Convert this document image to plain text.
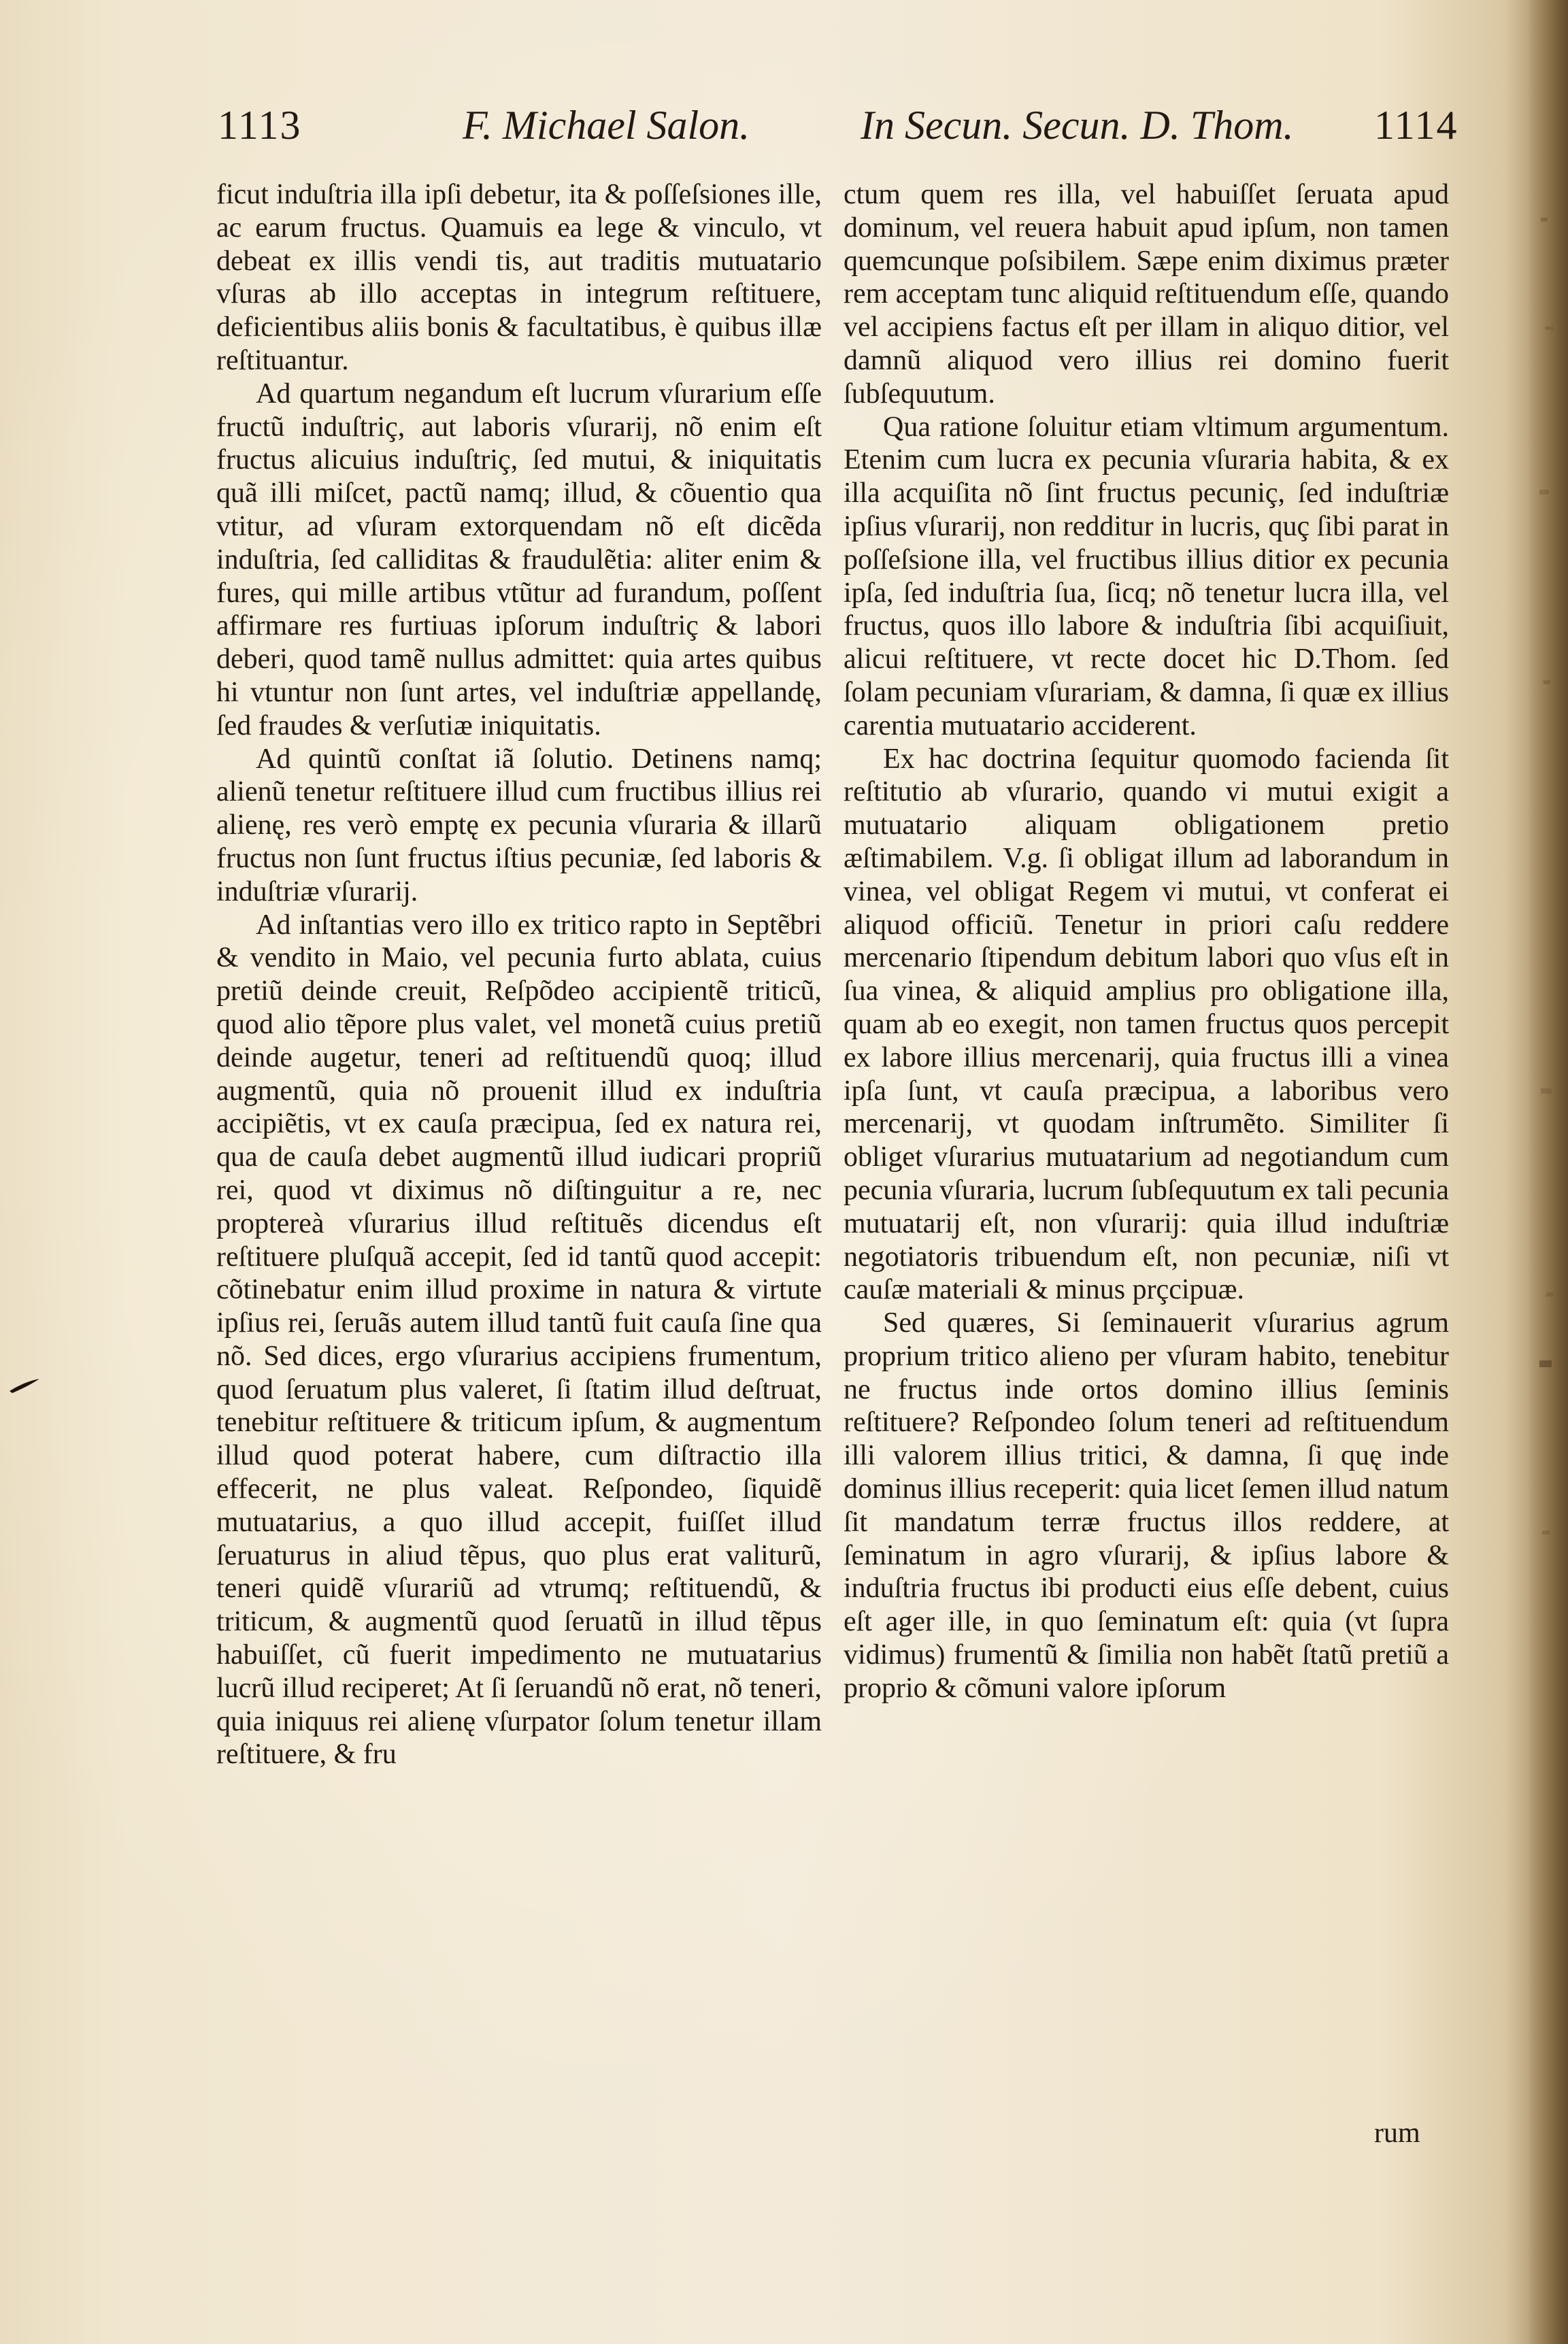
1113	F. Michael Salon.	In Secun. Secun. D. Thom. 1114

ficut induſtria illa ipſi debetur, ita & poſſeſsiones ille, ac earum fructus. Quamuis ea lege & vinculo, vt debeat ex illis vendi tis, aut traditis mutuatario vſuras ab illo acceptas in integrum reſtituere, deficientibus aliis bonis & facultatibus, è quibus illæ reſtituantur.

Ad quartum negandum eſt lucrum vſurarium eſſe fructũ induſtriç, aut laboris vſurarij, nõ enim eſt fructus alicuius induſtriç, ſed mutui, & iniquitatis quã illi miſcet, pactũ namq; illud, & cõuentio qua vtitur, ad vſuram extorquendam nõ eſt dicẽda induſtria, ſed calliditas & fraudulẽtia: aliter enim & fures, qui mille artibus vtũtur ad furandum, poſſent affirmare res furtiuas ipſorum induſtriç & labori deberi, quod tamẽ nullus admittet: quia artes quibus hi vtuntur non ſunt artes, vel induſtriæ appellandę, ſed fraudes & verſutiæ iniquitatis.

Ad quintũ conſtat iã ſolutio. Detinens namq; alienũ tenetur reſtituere illud cum fructibus illius rei alienę, res verò emptę ex pecunia vſuraria & illarũ fructus non ſunt fructus iſtius pecuniæ, ſed laboris & induſtriæ vſurarij.

Ad inſtantias vero illo ex tritico rapto in Septẽbri & vendito in Maio, vel pecunia furto ablata, cuius pretiũ deinde creuit, Reſpõdeo accipientẽ triticũ, quod alio tẽpore plus valet, vel monetã cuius pretiũ deinde augetur, teneri ad reſtituendũ quoq; illud augmentũ, quia nõ prouenit illud ex induſtria accipiẽtis, vt ex cauſa præcipua, ſed ex natura rei, qua de cauſa debet augmentũ illud iudicari propriũ rei, quod vt diximus nõ diſtinguitur a re, nec proptereà vſurarius illud reſtituẽs dicendus eſt reſtituere pluſquã accepit, ſed id tantũ quod accepit: cõtinebatur enim illud proxime in natura & virtute ipſius rei, ſeruãs autem illud tantũ fuit cauſa ſine qua nõ. Sed dices, ergo vſurarius accipiens frumentum, quod ſeruatum plus valeret, ſi ſtatim illud deſtruat, tenebitur reſtituere & triticum ipſum, & augmentum illud quod poterat habere, cum diſtractio illa effecerit, ne plus valeat. Reſpondeo, ſiquidẽ mutuatarius, a quo illud accepit, fuiſſet illud ſeruaturus in aliud tẽpus, quo plus erat valiturũ, teneri quidẽ vſurariũ ad vtrumq; reſtituendũ, & triticum, & augmentũ quod ſeruatũ in illud tẽpus habuiſſet, cũ fuerit impedimento ne mutuatarius lucrũ illud reciperet; At ſi ſeruandũ nõ erat, nõ teneri, quia iniquus rei alienę vſurpator ſolum tenetur illam reſtituere, & fru

ctum quem res illa, vel habuiſſet ſeruata apud dominum, vel reuera habuit apud ipſum, non tamen quemcunque poſsibilem. Sæpe enim diximus præter rem acceptam tunc aliquid reſtituendum eſſe, quando vel accipiens factus eſt per illam in aliquo ditior, vel damnũ aliquod vero illius rei domino fuerit ſubſequutum.

Qua ratione ſoluitur etiam vltimum argumentum. Etenim cum lucra ex pecunia vſuraria habita, & ex illa acquiſita nõ ſint fructus pecuniç, ſed induſtriæ ipſius vſurarij, non redditur in lucris, quç ſibi parat in poſſeſsione illa, vel fructibus illius ditior ex pecunia ipſa, ſed induſtria ſua, ſicq; nõ tenetur lucra illa, vel fructus, quos illo labore & induſtria ſibi acquiſiuit, alicui reſtituere, vt recte docet hic D.Thom. ſed ſolam pecuniam vſurariam, & damna, ſi quæ ex illius carentia mutuatario acciderent.

Ex hac doctrina ſequitur quomodo facienda ſit reſtitutio ab vſurario, quando vi mutui exigit a mutuatario aliquam obligationem pretio æſtimabilem. V.g. ſi obligat illum ad laborandum in vinea, vel obligat Regem vi mutui, vt conferat ei aliquod officiũ. Tenetur in priori caſu reddere mercenario ſtipendum debitum labori quo vſus eſt in ſua vinea, & aliquid amplius pro obligatione illa, quam ab eo exegit, non tamen fructus quos percepit ex labore illius mercenarij, quia fructus illi a vinea ipſa ſunt, vt cauſa præcipua, a laboribus vero mercenarij, vt quodam inſtrumẽto. Similiter ſi obliget vſurarius mutuatarium ad negotiandum cum pecunia vſuraria, lucrum ſubſequutum ex tali pecunia mutuatarij eſt, non vſurarij: quia illud induſtriæ negotiatoris tribuendum eſt, non pecuniæ, niſi vt cauſæ materiali & minus prçcipuæ.

Sed quæres, Si ſeminauerit vſurarius agrum proprium tritico alieno per vſuram habito, tenebitur ne fructus inde ortos domino illius ſeminis reſtituere? Reſpondeo ſolum teneri ad reſtituendum illi valorem illius tritici, & damna, ſi quę inde dominus illius receperit: quia licet ſemen illud natum ſit mandatum terræ fructus illos reddere, at ſeminatum in agro vſurarij, & ipſius labore & induſtria fructus ibi producti eius eſſe debent, cuius eſt ager ille, in quo ſeminatum eſt: quia (vt ſupra vidimus) frumentũ & ſimilia non habẽt ſtatũ pretiũ a proprio & cõmuni valore ipſorum

rum
